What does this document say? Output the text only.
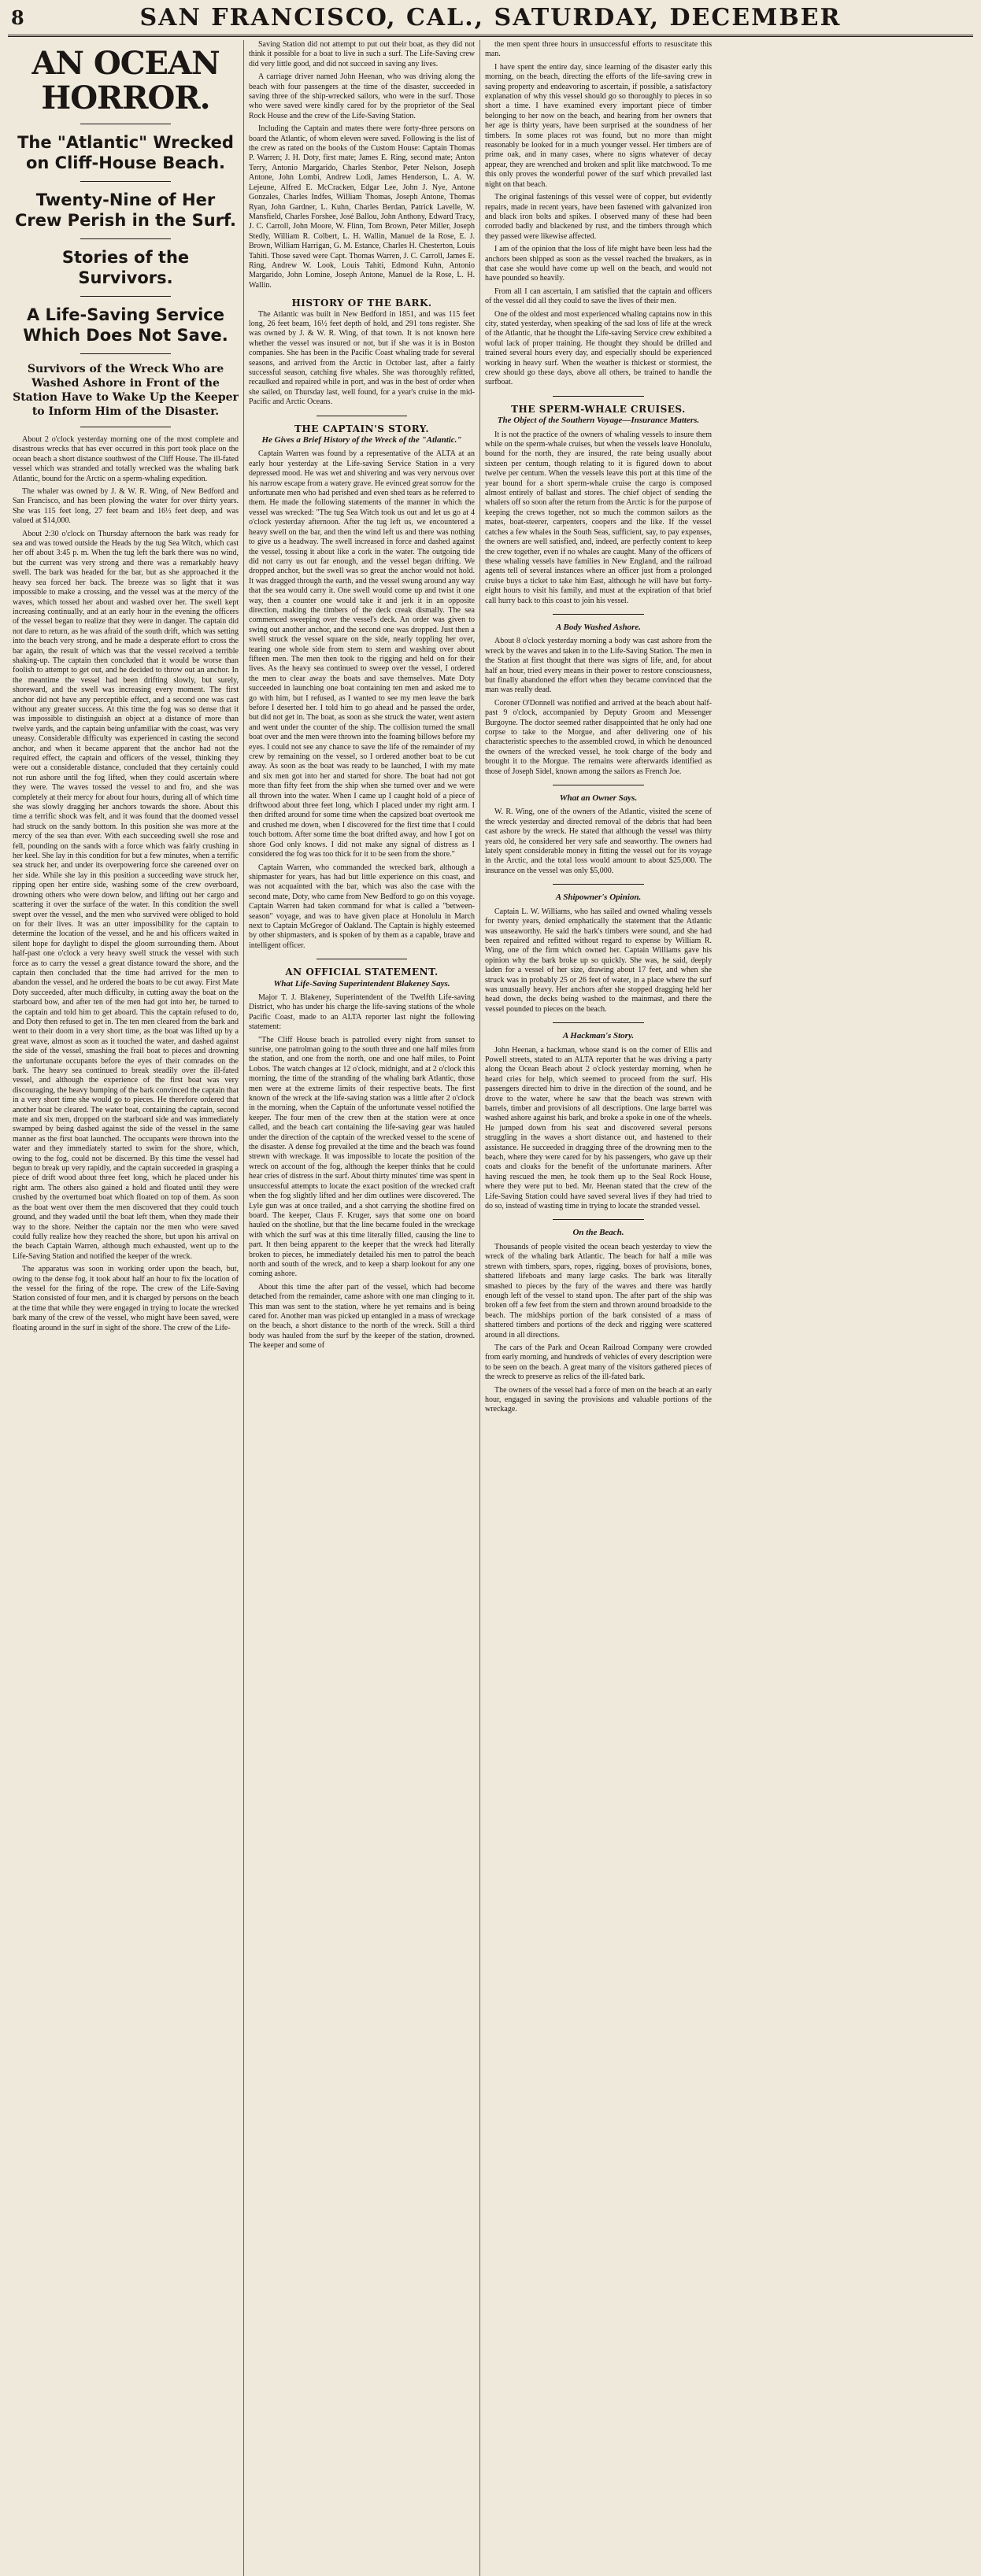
8	SAN FRANCISCO, CAL., SATURDAY, DECEMBER
AN OCEAN HORROR.
The "Atlantic" Wrecked on Cliff-House Beach.
Twenty-Nine of Her Crew Perish in the Surf.
Stories of the Survivors.
A Life-Saving Service Which Does Not Save.
Survivors of the Wreck Who are Washed Ashore in Front of the Station Have to Wake Up the Keeper to Inform Him of the Disaster.

About 2 o'clock yesterday morning one of the most complete and disastrous wrecks that has ever occurred in this port took place on the ocean beach a short distance southwest of the Cliff House. The ill-fated vessel which was stranded and totally wrecked was the whaling bark Atlantic, bound for the Arctic on a sperm-whaling expedition.

The whaler was owned by J. & W. R. Wing, of New Bedford and San Francisco, and has been plowing the water for over thirty years. She was 115 feet long, 27 feet beam and 16½ feet deep, and was valued at $14,000.

About 2:30 o'clock on Thursday afternoon the bark was ready for sea and was towed outside the Heads by the tug Sea Witch, which cast her off about 3:45 p. m. When the tug left the bark there was no wind, but the current was very strong and there was a remarkably heavy swell. The bark was headed for the bar, but as she approached it the heavy sea forced her back. The breeze was so light that it was impossible to make a crossing, and the vessel was at the mercy of the waves, which tossed her about and washed over her. The swell kept increasing continually, and at an early hour in the evening the officers of the vessel began to realize that they were in danger. The captain did not dare to return, as he was afraid of the south drift, which was setting into the beach very strong, and he made a desperate effort to cross the bar again, the result of which was that the vessel received a terrible shaking-up. The captain then concluded that it would be worse than foolish to attempt to get out, and he decided to throw out an anchor. In the meantime the vessel had been drifting slowly, but surely, shoreward, and the swell was increasing every moment. The first anchor did not have any perceptible effect, and a second one was cast without any greater success. At this time the fog was so dense that it was impossible to distinguish an object at a distance of more than twelve yards, and the captain being unfamiliar with the coast, was very uneasy. Considerable difficulty was experienced in casting the second anchor, and when it became apparent that the anchor had not the required effect, the captain and officers of the vessel, thinking they were out a considerable distance, concluded that they certainly could not run ashore until the fog lifted, when they could ascertain where they were. The waves tossed the vessel to and fro, and she was completely at their mercy for about four hours, during all of which time she was slowly dragging her anchors towards the shore. About this time a terrific shock was felt, and it was found that the doomed vessel had struck on the sandy bottom. In this position she was more at the mercy of the sea than ever. With each succeeding swell she rose and fell, pounding on the sands with a force which was fairly crushing in her keel. She lay in this condition for but a few minutes, when a terrific sea struck her, and under its overpowering force she careened over on her side. While she lay in this position a succeeding wave struck her, ripping open her entire side, washing some of the crew overboard, drowning others who were down below, and lifting out her cargo and scattering it over the surface of the water. In this condition the swell swept over the vessel, and the men who survived were obliged to hold on for their lives. It was an utter impossibility for the captain to determine the location of the vessel, and he and his officers waited in silent hope for daylight to dispel the gloom surrounding them. About half-past one o'clock a very heavy swell struck the vessel with such force as to carry the vessel a great distance toward the shore, and the captain then concluded that the time had arrived for the men to abandon the vessel, and he ordered the boats to be cut away. First Mate Doty succeeded, after much difficulty, in cutting away the boat on the starboard bow, and after ten of the men had got into her, he turned to the captain and told him to get aboard. This the captain refused to do, and Doty then refused to get in. The ten men cleared from the bark and went to their doom in a very short time, as the boat was lifted up by a great wave, almost as soon as it touched the water, and dashed against the side of the vessel, smashing the frail boat to pieces and drowning the unfortunate occupants before the eyes of their comrades on the bark. The heavy sea continued to break steadily over the ill-fated vessel, and although the experience of the first boat was very discouraging, the heavy bumping of the bark convinced the captain that in a very short time she would go to pieces. He therefore ordered that another boat be cleared. The water boat, containing the captain, second mate and six men, dropped on the starboard side and was immediately swamped by being dashed against the side of the vessel in the same manner as the first boat launched. The occupants were thrown into the water and they immediately started to swim for the shore, which, owing to the fog, could not be discerned. By this time the vessel had begun to break up very rapidly, and the captain succeeded in grasping a piece of drift wood about three feet long, which he placed under his right arm. The others also gained a hold and floated until they were crushed by the overturned boat which floated on top of them. As soon as the boat went over them the men discovered that they could touch ground, and they waded until the boat left them, when they made their way to the shore. Neither the captain nor the men who were saved could fully realize how they reached the shore, but upon his arrival on the beach Captain Warren, although much exhausted, went up to the Life-Saving Station and notified the keeper of the wreck.

The apparatus was soon in working order upon the beach, but, owing to the dense fog, it took about half an hour to fix the location of the vessel for the firing of the rope. The crew of the Life-Saving Station consisted of four men, and it is charged by persons on the beach at the time that while they were engaged in trying to locate the wrecked bark many of the crew of the vessel, who might have been saved, were floating around in the surf in sight of the shore. The crew of the Life-

Saving Station did not attempt to put out their boat, as they did not think it possible for a boat to live in such a surf. The Life-Saving crew did very little good, and did not succeed in saving any lives.

A carriage driver named John Heenan, who was driving along the beach with four passengers at the time of the disaster, succeeded in saving three of the ship-wrecked sailors, who were in the surf. Those who were saved were kindly cared for by the proprietor of the Seal Rock House and the crew of the Life-Saving Station.

Including the Captain and mates there were forty-three persons on board the Atlantic, of whom eleven were saved. Following is the list of the crew as rated on the books of the Custom House: Captain Thomas P. Warren; J. H. Doty, first mate; James E. Ring, second mate; Anton Terry, Antonio Margarido, Charles Stenbor, Peter Nelson, Joseph Antone, John Lombi, Andrew Lodi, James Henderson, L. A. W. Lejeune, Alfred E. McCracken, Edgar Lee, John J. Nye, Antone Gonzales, Charles Indfes, William Thomas, Joseph Antone, Thomas Ryan, John Gardner, L. Kuhn, Charles Berdan, Patrick Lavelle, W. Mansfield, Charles Forshee, José Ballou, John Anthony, Edward Tracy, J. C. Carroll, John Moore, W. Flinn, Tom Brown, Peter Miller, Joseph Stedly, William R. Colbert, L. H. Wallin, Manuel de la Rose, E. J. Brown, William Harrigan, G. M. Estance, Charles H. Chesterton, Louis Tahiti. Those saved were Capt. Thomas Warren, J. C. Carroll, James E. Ring, Andrew W. Look, Louis Tahiti, Edmond Kuhn, Antonio Margarido, John Lomine, Joseph Antone, Manuel de la Rose, L. H. Wallin.

HISTORY OF THE BARK.

The Atlantic was built in New Bedford in 1851, and was 115 feet long, 26 feet beam, 16½ feet depth of hold, and 291 tons register. She was owned by J. & W. R. Wing, of that town. It is not known here whether the vessel was insured or not, but if she was it is in Boston companies. She has been in the Pacific Coast whaling trade for several seasons, and arrived from the Arctic in October last, after a fairly successful season, catching five whales. She was thoroughly refitted, recaulked and repaired while in port, and was in the best of order when she sailed, on Thursday last, well found, for a year's cruise in the mid-Pacific and Arctic Oceans.

THE CAPTAIN'S STORY.
He Gives a Brief History of the Wreck of the "Atlantic."

Captain Warren was found by a representative of the ALTA at an early hour yesterday at the Life-saving Service Station in a very depressed mood. He was wet and shivering and was very nervous over his narrow escape from a watery grave. He evinced great sorrow for the unfortunate men who had perished and even shed tears as he referred to them. He made the following statements of the manner in which the vessel was wrecked: "The tug Sea Witch took us out and let us go at 4 o'clock yesterday afternoon. After the tug left us, we encountered a heavy swell on the bar, and then the wind left us and there was nothing to give us a headway. The swell increased in force and dashed against the vessel, tossing it about like a cork in the water. The outgoing tide did not carry us out far enough, and the vessel began drifting. We dropped anchor, but the swell was so great the anchor would not hold. It was dragged through the earth, and the vessel swung around any way that the sea would carry it. One swell would come up and twist it one way, then a counter one would take it and jerk it in an opposite direction, making the timbers of the deck creak dismally. The sea commenced sweeping over the vessel's deck. An order was given to swing out another anchor, and the second one was dropped. Just then a swell struck the vessel square on the side, nearly toppling her over, tearing one whole side from stem to stern and washing over about fifteen men. The men then took to the rigging and held on for their lives. As the heavy sea continued to sweep over the vessel, I ordered the men to clear away the boats and save themselves. Mate Doty succeeded in launching one boat containing ten men and asked me to go with him, but I refused, as I wanted to see my men leave the bark before I deserted her. I told him to go ahead and he passed the order, but did not get in. The boat, as soon as she struck the water, went astern and went under the counter of the ship. The collision turned the small boat over and the men were thrown into the foaming billows before my eyes. I could not see any chance to save the life of the remainder of my crew by remaining on the vessel, so I ordered another boat to be cut away. As soon as the boat was ready to be launched, I with my mate and six men got into her and started for shore. The boat had not got more than fifty feet from the ship when she turned over and we were all thrown into the water. When I came up I caught hold of a piece of driftwood about three feet long, which I placed under my right arm. I then drifted around for some time when the capsized boat overtook me and crushed me down, when I discovered for the first time that I could touch bottom. After some time the boat drifted away, and how I got on shore God only knows. I did not make any signal of distress as I considered the fog was too thick for it to be seen from the shore."

Captain Warren, who commanded the wrecked bark, although a shipmaster for years, has had but little experience on this coast, and was not acquainted with the bar, which was also the case with the second mate, Doty, who came from New Bedford to go on this voyage. Captain Warren had taken command for what is called a "between-season" voyage, and was to have given place at Honolulu in March next to Captain McGregor of Oakland. The Captain is highly esteemed by other shipmasters, and is spoken of by them as a capable, brave and intelligent officer.

AN OFFICIAL STATEMENT.
What Life-Saving Superintendent Blakeney Says.

Major T. J. Blakeney, Superintendent of the Twelfth Life-saving District, who has under his charge the life-saving stations of the whole Pacific Coast, made to an ALTA reporter last night the following statement:

"The Cliff House beach is patrolled every night from sunset to sunrise, one patrolman going to the south three and one half miles from the station, and one from the north, one and one half miles, to Point Lobos. The watch changes at 12 o'clock, midnight, and at 2 o'clock this morning, the time of the stranding of the whaling bark Atlantic, those men were at the extreme limits of their respective beats. The first known of the wreck at the life-saving station was a little after 2 o'clock in the morning, when the Captain of the unfortunate vessel notified the keeper. The four men of the crew then at the station were at once called, and the beach cart containing the life-saving gear was hauled under the direction of the captain of the wrecked vessel to the scene of the disaster. A dense fog prevailed at the time and the beach was found strewn with wreckage. It was impossible to locate the position of the wreck on account of the fog, although the keeper thinks that he could hear cries of distress in the surf. About thirty minutes' time was spent in unsuccessful attempts to locate the exact position of the wrecked craft when the fog slightly lifted and her dim outlines were discovered. The Lyle gun was at once trailed, and a shot carrying the shotline fired on board. The keeper, Claus F. Kruger, says that some one on board hauled on the shotline, but that the line became fouled in the wreckage with which the surf was at this time literally filled, causing the line to part. It then being apparent to the keeper that the wreck had literally broken to pieces, he immediately detailed his men to patrol the beach north and south of the wreck, and to keep a sharp lookout for any one coming ashore.

About this time the after part of the vessel, which had become detached from the remainder, came ashore with one man clinging to it. This man was sent to the station, where he yet remains and is being cared for. Another man was picked up entangled in a mass of wreckage on the beach, a short distance to the north of the wreck. Still a third body was hauled from the surf by the keeper of the station, drowned. The keeper and some of

the men spent three hours in unsuccessful efforts to resuscitate this man.

I have spent the entire day, since learning of the disaster early this morning, on the beach, directing the efforts of the life-saving crew in saving property and endeavoring to ascertain, if possible, a satisfactory explanation of why this vessel should go so thoroughly to pieces in so short a time. I have examined every important piece of timber belonging to her now on the beach, and hearing from her owners that her age is thirty years, have been surprised at the soundness of her timbers. In some places rot was found, but no more than might reasonably be looked for in a much younger vessel. Her timbers are of prime oak, and in many cases, where no signs whatever of decay appear, they are wrenched and broken and split like matchwood. To me this only proves the wonderful power of the surf which prevailed last night on that beach.

The original fastenings of this vessel were of copper, but evidently repairs, made in recent years, have been fastened with galvanized iron and black iron bolts and spikes. I observed many of these had been corroded badly and blackened by rust, and the timbers through which they passed were likewise affected.

I am of the opinion that the loss of life might have been less had the anchors been shipped as soon as the vessel reached the breakers, as in that case she would have come up well on the beach, and would not have pounded so heavily.

From all I can ascertain, I am satisfied that the captain and officers of the vessel did all they could to save the lives of their men.

One of the oldest and most experienced whaling captains now in this city, stated yesterday, when speaking of the sad loss of life at the wreck of the Atlantic, that he thought the Life-saving Service crew exhibited a woful lack of proper training. He thought they should be drilled and trained several hours every day, and especially should be experienced working in heavy surf. When the weather is thickest or stormiest, the crew should go these days, above all others, be trained to handle the surfboat.

THE SPERM-WHALE CRUISES.
The Object of the Southern Voyage—Insurance Matters.

It is not the practice of the owners of whaling vessels to insure them while on the sperm-whale cruises, but when the vessels leave Honolulu, bound for the north, they are insured, the rate being usually about sixteen per centum, though relating to it is figured down to about twelve per centum. When the vessels leave this port at this time of the year bound for a short sperm-whale cruise the cargo is composed almost entirely of ballast and stores. The chief object of sending the whalers off so soon after the return from the Arctic is for the purpose of keeping the crews together, not so much the common sailors as the mates, boat-steerer, carpenters, coopers and the like. If the vessel catches a few whales in the South Seas, sufficient, say, to pay expenses, the owners are well satisfied, and, indeed, are perfectly content to keep the crew together, even if no whales are caught. Many of the officers of these whaling vessels have families in New England, and the railroad agents tell of several instances where an officer just from a prolonged cruise buys a ticket to take him East, although he will have but forty-eight hours to visit his family, and must at the expiration of that brief call hurry back to this coast to join his vessel.

A Body Washed Ashore.

About 8 o'clock yesterday morning a body was cast ashore from the wreck by the waves and taken in to the Life-Saving Station. The men in the Station at first thought that there was signs of life, and, for about half an hour, tried every means in their power to restore consciousness, but finally abandoned the effort when they became convinced that the man was really dead.

Coroner O'Donnell was notified and arrived at the beach about half-past 9 o'clock, accompanied by Deputy Groom and Messenger Burgoyne. The doctor seemed rather disappointed that he only had one corpse to take to the Morgue, and after delivering one of his characteristic speeches to the assembled crowd, in which he denounced the owners of the wrecked vessel, he took charge of the body and brought it to the Morgue. The remains were afterwards identified as those of Joseph Sidel, known among the sailors as French Joe.

What an Owner Says.

W. R. Wing, one of the owners of the Atlantic, visited the scene of the wreck yesterday and directed removal of the debris that had been cast ashore by the wreck. He stated that although the vessel was thirty years old, he considered her very safe and seaworthy. The owners had lately spent considerable money in fitting the vessel out for its voyage in the Arctic, and the total loss would amount to about $25,000. The insurance on the vessel was only $5,000.

A Shipowner's Opinion.

Captain L. W. Williams, who has sailed and owned whaling vessels for twenty years, denied emphatically the statement that the Atlantic was unseaworthy. He said the bark's timbers were sound, and she had been repaired and refitted without regard to expense by William R. Wing, one of the firm which owned her. Captain Williams gave his opinion why the bark broke up so quickly. She was, he said, deeply laden for a vessel of her size, drawing about 17 feet, and when she struck was in probably 25 or 26 feet of water, in a place where the surf was unusually heavy. Her anchors after she stopped dragging held her head down, the decks being washed to the mainmast, and there the vessel pounded to pieces on the beach.

A Hackman's Story.

John Heenan, a hackman, whose stand is on the corner of Ellis and Powell streets, stated to an ALTA reporter that he was driving a party along the Ocean Beach about 2 o'clock yesterday morning, when he heard cries for help, which seemed to proceed from the surf. His passengers directed him to drive in the direction of the sound, and he drove to the water, where he saw that the beach was strewn with barrels, timber and provisions of all descriptions. One large barrel was washed ashore against his bark, and broke a spoke in one of the wheels. He jumped down from his seat and discovered several persons struggling in the waves a short distance out, and hastened to their assistance. He succeeded in dragging three of the drowning men to the beach, where they were cared for by his passengers, who gave up their coats and cloaks for the benefit of the unfortunate mariners. After having rescued the men, he took them up to the Seal Rock House, where they were put to bed. Mr. Heenan stated that the crew of the Life-Saving Station could have saved several lives if they had tried to do so, instead of wasting time in trying to locate the stranded vessel.

On the Beach.

Thousands of people visited the ocean beach yesterday to view the wreck of the whaling bark Atlantic. The beach for half a mile was strewn with timbers, spars, ropes, rigging, boxes of provisions, bones, shattered lifeboats and many large casks. The bark was literally smashed to pieces by the fury of the waves and there was hardly enough left of the vessel to stand upon. The after part of the ship was broken off a few feet from the stern and thrown around broadside to the beach. The midships portion of the bark consisted of a mass of shattered timbers and portions of the deck and rigging were scattered around in all directions.

The cars of the Park and Ocean Railroad Company were crowded from early morning, and hundreds of vehicles of every description were to be seen on the beach. A great many of the visitors gathered pieces of the wreck to preserve as relics of the ill-fated bark.

The owners of the vessel had a force of men on the beach at an early hour, engaged in saving the provisions and valuable portions of the wreckage.
